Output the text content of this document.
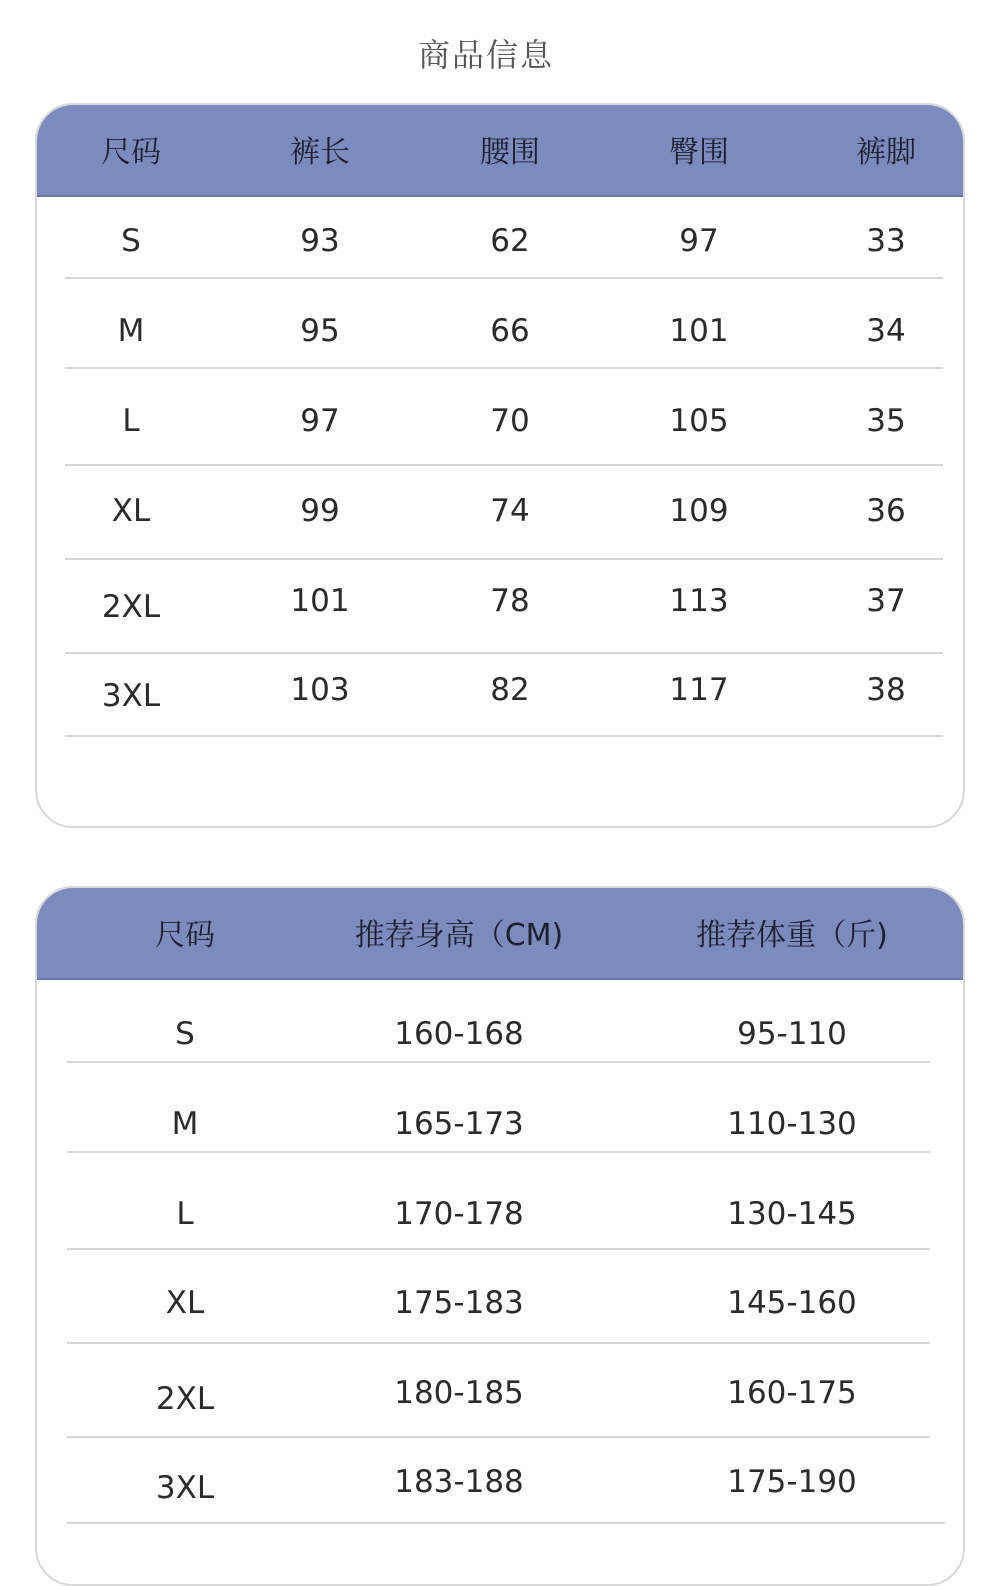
商品信息
尺码	裤长	腰围	臀围	裤脚
S	93	62	97	33
M	95	66	101	34
L	97	70	105	35
XL	99	74	109	36
2XL	101	78	113	37
3XL	103	82	117	38
尺码	推荐身高（CM)	推荐体重（斤)
S	160-168	95-110
M	165-173	110-130
L	170-178	130-145
XL	175-183	145-160
2XL	180-185	160-175
3XL	183-188	175-190
